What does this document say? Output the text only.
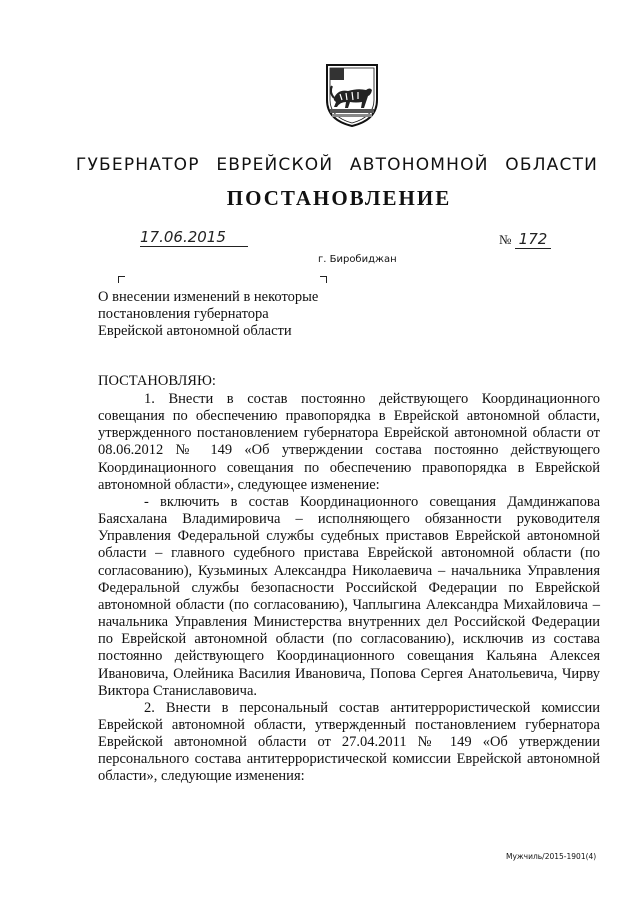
ГУБЕРНАТОР ЕВРЕЙСКОЙ АВТОНОМНОЙ ОБЛАСТИ
ПОСТАНОВЛЕНИЕ
17.06.2015	№ 172
г. Биробиджан
О внесении изменений в некоторые
постановления губернатора
Еврейской автономной области
ПОСТАНОВЛЯЮ:

1. Внести в состав постоянно действующего Координационного совещания по обеспечению правопорядка в Еврейской автономной области, утвержденного постановлением губернатора Еврейской автономной области от 08.06.2012 № 149 «Об утверждении состава постоянно действующего Координационного совещания по обеспечению правопорядка в Еврейской автономной области», следующее изменение:

- включить в состав Координационного совещания Дамдинжапова Баясхалана Владимировича – исполняющего обязанности руководителя Управления Федеральной службы судебных приставов Еврейской автономной области – главного судебного пристава Еврейской автономной области (по согласованию), Кузьминых Александра Николаевича – начальника Управления Федеральной службы безопасности Российской Федерации по Еврейской автономной области (по согласованию), Чаплыгина Александра Михайловича – начальника Управления Министерства внутренних дел Российской Федерации по Еврейской автономной области (по согласованию), исключив из состава постоянно действующего Координационного совещания Кальяна Алексея Ивановича, Олейника Василия Ивановича, Попова Сергея Анатольевича, Чирву Виктора Станиславовича.

2. Внести в персональный состав антитеррористической комиссии Еврейской автономной области, утвержденный постановлением губернатора Еврейской автономной области от 27.04.2011 № 149 «Об утверждении персонального состава антитеррористической комиссии Еврейской автономной области», следующие изменения:

Мужчиль/2015-1901(4)
